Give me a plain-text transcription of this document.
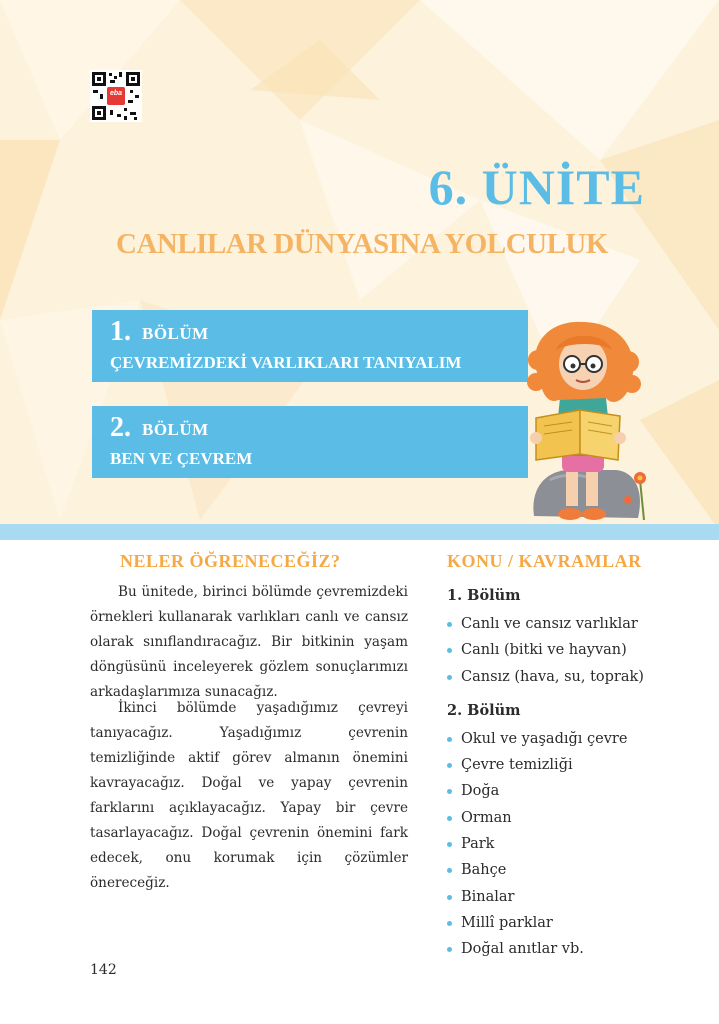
eba
6. ÜNİTE
CANLILAR DÜNYASINA YOLCULUK
1. BÖLÜM
ÇEVREMİZDEKİ VARLIKLARI TANIYALIM
2. BÖLÜM
BEN VE ÇEVREM
NELER ÖĞRENECEĞİZ?	KONU / KAVRAMLAR

Bu ünitede, birinci bölümde çevremizdeki örnekleri kullanarak varlıkları canlı ve cansız olarak sınıflandıracağız. Bir bitkinin yaşam döngüsünü inceleyerek gözlem sonuçlarımızı arkadaşlarımıza sunacağız.

İkinci bölümde yaşadığımız çevreyi tanıyacağız. Yaşadığımız çevrenin temizliğinde aktif görev almanın önemini kavrayacağız. Doğal ve yapay çevrenin farklarını açıklayacağız. Yapay bir çevre tasarlayacağız. Doğal çevrenin önemini fark edecek, onu korumak için çözümler önereceğiz.

1. Bölüm
Canlı ve cansız varlıklar
Canlı (bitki ve hayvan)
Cansız (hava, su, toprak)
2. Bölüm
Okul ve yaşadığı çevre
Çevre temizliği
Doğa
Orman
Park
Bahçe
Binalar
Millî parklar
Doğal anıtlar vb.
142
